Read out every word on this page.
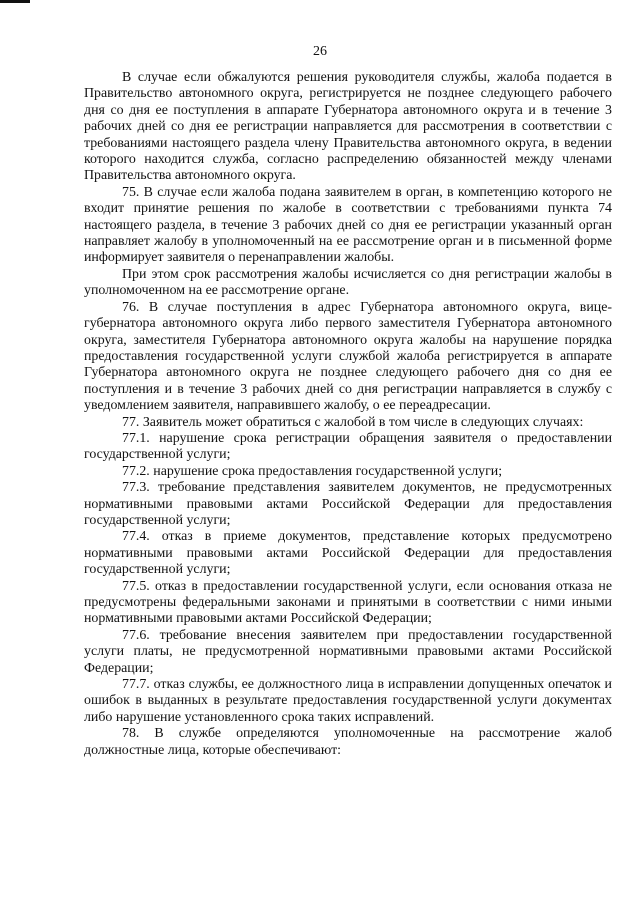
26

В случае если обжалуются решения руководителя службы, жалоба подается в Правительство автономного округа, регистрируется не позднее следующего рабочего дня со дня ее поступления в аппарате Губернатора автономного округа и в течение 3 рабочих дней со дня ее регистрации направляется для рассмотрения в соответствии с требованиями настоящего раздела члену Правительства автономного округа, в ведении которого находится служба, согласно распределению обязанностей между членами Правительства автономного округа.

75. В случае если жалоба подана заявителем в орган, в компетенцию которого не входит принятие решения по жалобе в соответствии с требованиями пункта 74 настоящего раздела, в течение 3 рабочих дней со дня ее регистрации указанный орган направляет жалобу в уполномоченный на ее рассмотрение орган и в письменной форме информирует заявителя о перенаправлении жалобы.

При этом срок рассмотрения жалобы исчисляется со дня регистрации жалобы в уполномоченном на ее рассмотрение органе.

76. В случае поступления в адрес Губернатора автономного округа, вице-губернатора автономного округа либо первого заместителя Губернатора автономного округа, заместителя Губернатора автономного округа жалобы на нарушение порядка предоставления государственной услуги службой жалоба регистрируется в аппарате Губернатора автономного округа не позднее следующего рабочего дня со дня ее поступления и в течение 3 рабочих дней со дня регистрации направляется в службу с уведомлением заявителя, направившего жалобу, о ее переадресации.

77. Заявитель может обратиться с жалобой в том числе в следующих случаях:

77.1. нарушение срока регистрации обращения заявителя о предоставлении государственной услуги;

77.2. нарушение срока предоставления государственной услуги;

77.3. требование представления заявителем документов, не предусмотренных нормативными правовыми актами Российской Федерации для предоставления государственной услуги;

77.4. отказ в приеме документов, представление которых предусмотрено нормативными правовыми актами Российской Федерации для предоставления государственной услуги;

77.5. отказ в предоставлении государственной услуги, если основания отказа не предусмотрены федеральными законами и принятыми в соответствии с ними иными нормативными правовыми актами Российской Федерации;

77.6. требование внесения заявителем при предоставлении государственной услуги платы, не предусмотренной нормативными правовыми актами Российской Федерации;

77.7. отказ службы, ее должностного лица в исправлении допущенных опечаток и ошибок в выданных в результате предоставления государственной услуги документах либо нарушение установленного срока таких исправлений.

78. В службе определяются уполномоченные на рассмотрение жалоб должностные лица, которые обеспечивают:
